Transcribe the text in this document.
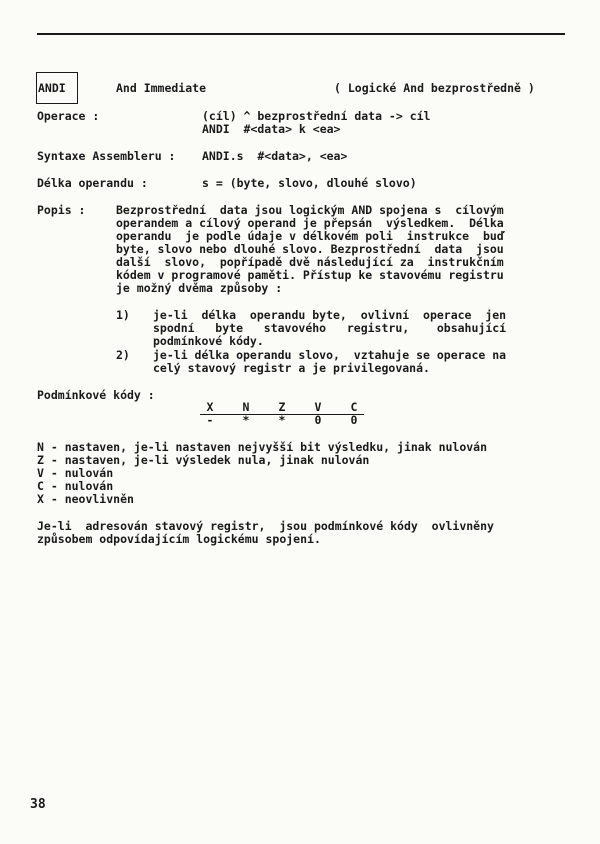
ANDI	And Immediate	( Logické And bezprostředně )
Operace :	(cíl) ^ bezprostřední data -> cíl
ANDI  #<data> k <ea>
Syntaxe Assembleru : ANDI.s  #<data>, <ea>
Délka operandu :	s = (byte, slovo, dlouhé slovo)
Popis :	Bezprostřední  data jsou logickým AND spojena s  cílovým
operandem a cílový operand je přepsán  výsledkem.  Délka
operandu  je podle údaje v délkovém poli  instrukce  buď
byte, slovo nebo dlouhé slovo. Bezprostřední  data  jsou
další  slovo,  popřípadě dvě následující za  instrukčním
kódem v programové paměti. Přístup ke stavovému registru
je možný dvěma způsoby :
1) je-li  délka  operandu byte,  ovlivní  operace  jen
spodní   byte   stavového   registru,    obsahující
podmínkové kódy.
2) je-li délka operandu slovo,  vztahuje se operace na
celý stavový registr a je privilegovaná.
Podmínkové kódy :
X	N	Z	V	C
-	*	*	0	0
N - nastaven, je-li nastaven nejvyšší bit výsledku, jinak nulován
Z - nastaven, je-li výsledek nula, jinak nulován
V - nulován
C - nulován
X - neovlivněn
Je-li  adresován stavový registr,  jsou podmínkové kódy  ovlivněny
způsobem odpovídajícím logickému spojení.
38
